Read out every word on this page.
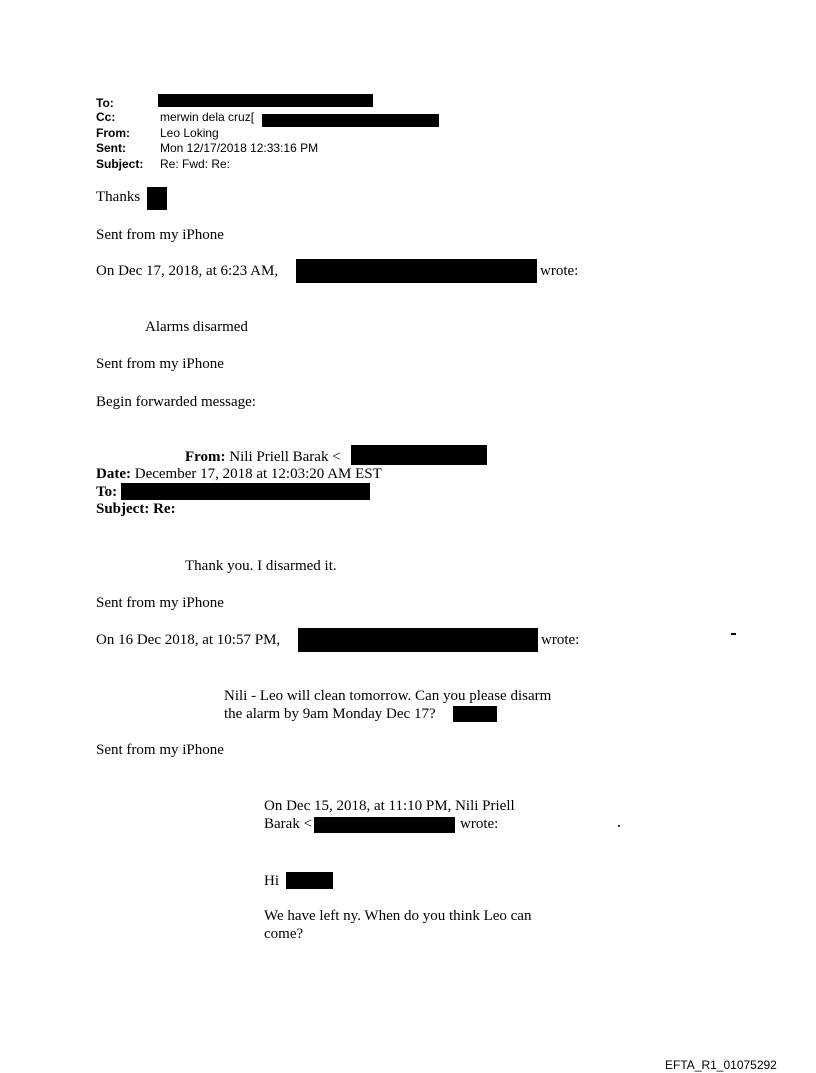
To:
Cc:	merwin dela cruz[
From:	Leo Loking
Sent:	Mon 12/17/2018 12:33:16 PM
Subject: Re: Fwd: Re:
Thanks
Sent from my iPhone
On Dec 17, 2018, at 6:23 AM,	wrote:
Alarms disarmed
Sent from my iPhone
Begin forwarded message:
From: Nili Priell Barak <
Date: December 17, 2018 at 12:03:20 AM EST
To:
Subject: Re:
Thank you. I disarmed it.
Sent from my iPhone
On 16 Dec 2018, at 10:57 PM,	wrote:
Nili - Leo will clean tomorrow. Can you please disarm
the alarm by 9am Monday Dec 17?
Sent from my iPhone
On Dec 15, 2018, at 11:10 PM, Nili Priell
Barak <	wrote:
Hi
We have left ny. When do you think Leo can
come?
EFTA_R1_01075292
